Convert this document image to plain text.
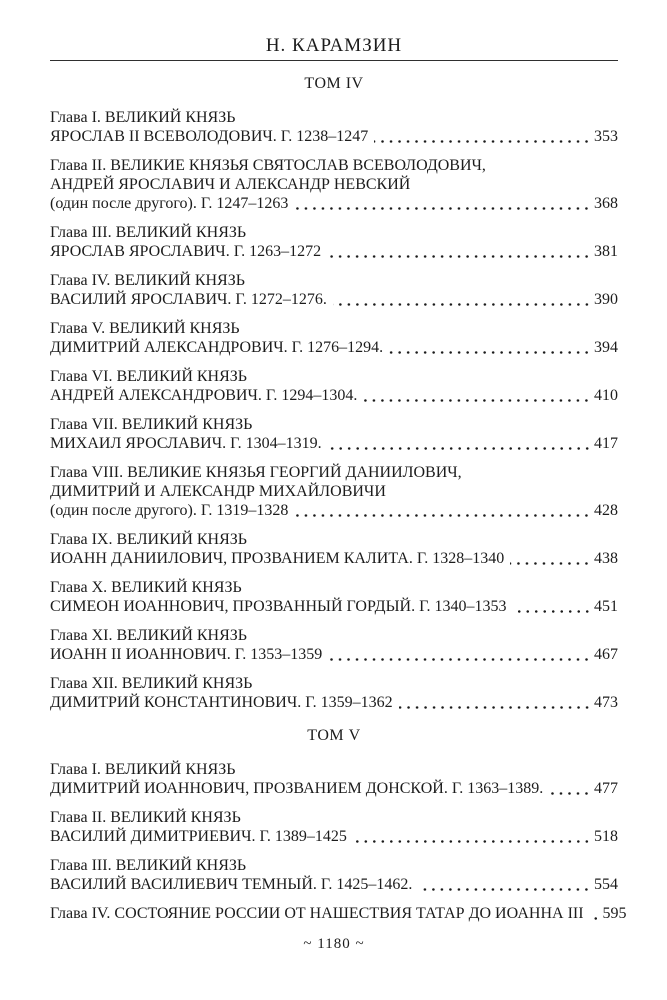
Н. КАРАМЗИН
ТОМ IV
Глава I. ВЕЛИКИЙ КНЯЗЬ
ЯРОСЛАВ II ВСЕВОЛОДОВИЧ. Г. 1238–1247	353
Глава II. ВЕЛИКИЕ КНЯЗЬЯ СВЯТОСЛАВ ВСЕВОЛОДОВИЧ,
АНДРЕЙ ЯРОСЛАВИЧ И АЛЕКСАНДР НЕВСКИЙ
(один после другого). Г. 1247–1263	368
Глава III. ВЕЛИКИЙ КНЯЗЬ
ЯРОСЛАВ ЯРОСЛАВИЧ. Г. 1263–1272	381
Глава IV. ВЕЛИКИЙ КНЯЗЬ
ВАСИЛИЙ ЯРОСЛАВИЧ. Г. 1272–1276.	390
Глава V. ВЕЛИКИЙ КНЯЗЬ
ДИМИТРИЙ АЛЕКСАНДРОВИЧ. Г. 1276–1294.	394
Глава VI. ВЕЛИКИЙ КНЯЗЬ
АНДРЕЙ АЛЕКСАНДРОВИЧ. Г. 1294–1304.	410
Глава VII. ВЕЛИКИЙ КНЯЗЬ
МИХАИЛ ЯРОСЛАВИЧ. Г. 1304–1319.	417
Глава VIII. ВЕЛИКИЕ КНЯЗЬЯ ГЕОРГИЙ ДАНИИЛОВИЧ,
ДИМИТРИЙ И АЛЕКСАНДР МИХАЙЛОВИЧИ
(один после другого). Г. 1319–1328	428
Глава IX. ВЕЛИКИЙ КНЯЗЬ
ИОАНН ДАНИИЛОВИЧ, ПРОЗВАНИЕМ КАЛИТА. Г. 1328–1340	438
Глава X. ВЕЛИКИЙ КНЯЗЬ
СИМЕОН ИОАННОВИЧ, ПРОЗВАННЫЙ ГОРДЫЙ. Г. 1340–1353	451
Глава XI. ВЕЛИКИЙ КНЯЗЬ
ИОАНН II ИОАННОВИЧ. Г. 1353–1359	467
Глава XII. ВЕЛИКИЙ КНЯЗЬ
ДИМИТРИЙ КОНСТАНТИНОВИЧ. Г. 1359–1362	473
ТОМ V
Глава I. ВЕЛИКИЙ КНЯЗЬ
ДИМИТРИЙ ИОАННОВИЧ, ПРОЗВАНИЕМ ДОНСКОЙ. Г. 1363–1389.	477
Глава II. ВЕЛИКИЙ КНЯЗЬ
ВАСИЛИЙ ДИМИТРИЕВИЧ. Г. 1389–1425	518
Глава III. ВЕЛИКИЙ КНЯЗЬ
ВАСИЛИЙ ВАСИЛИЕВИЧ ТЕМНЫЙ. Г. 1425–1462.	554
Глава IV. СОСТОЯНИЕ РОССИИ ОТ НАШЕСТВИЯ ТАТАР ДО ИОАННА III 595
~ 1180 ~
